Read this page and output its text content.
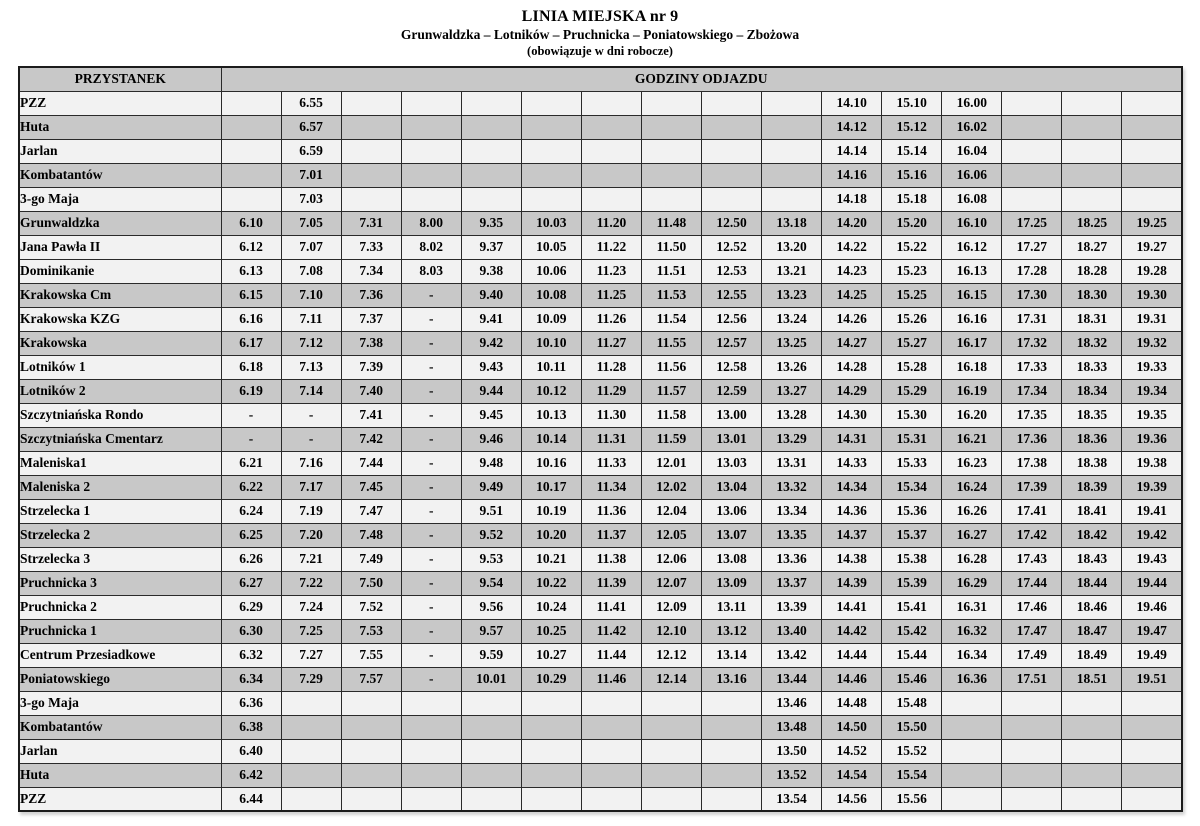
LINIA MIEJSKA nr 9
Grunwaldzka – Lotników – Pruchnicka – Poniatowskiego – Zbożowa
(obowiązuje w dni robocze)
PRZYSTANEK	GODZINY ODJAZDU															
PZZ		6.55									14.10	15.10	16.00			
Huta		6.57									14.12	15.12	16.02			
Jarlan		6.59									14.14	15.14	16.04			
Kombatantów		7.01									14.16	15.16	16.06			
3-go Maja		7.03									14.18	15.18	16.08			
Grunwaldzka	6.10	7.05	7.31	8.00	9.35	10.03	11.20	11.48	12.50	13.18	14.20	15.20	16.10	17.25	18.25	19.25
Jana Pawła II	6.12	7.07	7.33	8.02	9.37	10.05	11.22	11.50	12.52	13.20	14.22	15.22	16.12	17.27	18.27	19.27
Dominikanie	6.13	7.08	7.34	8.03	9.38	10.06	11.23	11.51	12.53	13.21	14.23	15.23	16.13	17.28	18.28	19.28
Krakowska Cm	6.15	7.10	7.36	-	9.40	10.08	11.25	11.53	12.55	13.23	14.25	15.25	16.15	17.30	18.30	19.30
Krakowska KZG	6.16	7.11	7.37	-	9.41	10.09	11.26	11.54	12.56	13.24	14.26	15.26	16.16	17.31	18.31	19.31
Krakowska	6.17	7.12	7.38	-	9.42	10.10	11.27	11.55	12.57	13.25	14.27	15.27	16.17	17.32	18.32	19.32
Lotników 1	6.18	7.13	7.39	-	9.43	10.11	11.28	11.56	12.58	13.26	14.28	15.28	16.18	17.33	18.33	19.33
Lotników 2	6.19	7.14	7.40	-	9.44	10.12	11.29	11.57	12.59	13.27	14.29	15.29	16.19	17.34	18.34	19.34
Szczytniańska Rondo	-	-	7.41	-	9.45	10.13	11.30	11.58	13.00	13.28	14.30	15.30	16.20	17.35	18.35	19.35
Szczytniańska Cmentarz	-	-	7.42	-	9.46	10.14	11.31	11.59	13.01	13.29	14.31	15.31	16.21	17.36	18.36	19.36
Maleniska1	6.21	7.16	7.44	-	9.48	10.16	11.33	12.01	13.03	13.31	14.33	15.33	16.23	17.38	18.38	19.38
Maleniska 2	6.22	7.17	7.45	-	9.49	10.17	11.34	12.02	13.04	13.32	14.34	15.34	16.24	17.39	18.39	19.39
Strzelecka 1	6.24	7.19	7.47	-	9.51	10.19	11.36	12.04	13.06	13.34	14.36	15.36	16.26	17.41	18.41	19.41
Strzelecka 2	6.25	7.20	7.48	-	9.52	10.20	11.37	12.05	13.07	13.35	14.37	15.37	16.27	17.42	18.42	19.42
Strzelecka 3	6.26	7.21	7.49	-	9.53	10.21	11.38	12.06	13.08	13.36	14.38	15.38	16.28	17.43	18.43	19.43
Pruchnicka 3	6.27	7.22	7.50	-	9.54	10.22	11.39	12.07	13.09	13.37	14.39	15.39	16.29	17.44	18.44	19.44
Pruchnicka 2	6.29	7.24	7.52	-	9.56	10.24	11.41	12.09	13.11	13.39	14.41	15.41	16.31	17.46	18.46	19.46
Pruchnicka 1	6.30	7.25	7.53	-	9.57	10.25	11.42	12.10	13.12	13.40	14.42	15.42	16.32	17.47	18.47	19.47
Centrum Przesiadkowe	6.32	7.27	7.55	-	9.59	10.27	11.44	12.12	13.14	13.42	14.44	15.44	16.34	17.49	18.49	19.49
Poniatowskiego	6.34	7.29	7.57	-	10.01	10.29	11.46	12.14	13.16	13.44	14.46	15.46	16.36	17.51	18.51	19.51
3-go Maja	6.36									13.46	14.48	15.48				
Kombatantów	6.38									13.48	14.50	15.50				
Jarlan	6.40									13.50	14.52	15.52				
Huta	6.42									13.52	14.54	15.54				
PZZ	6.44									13.54	14.56	15.56				
